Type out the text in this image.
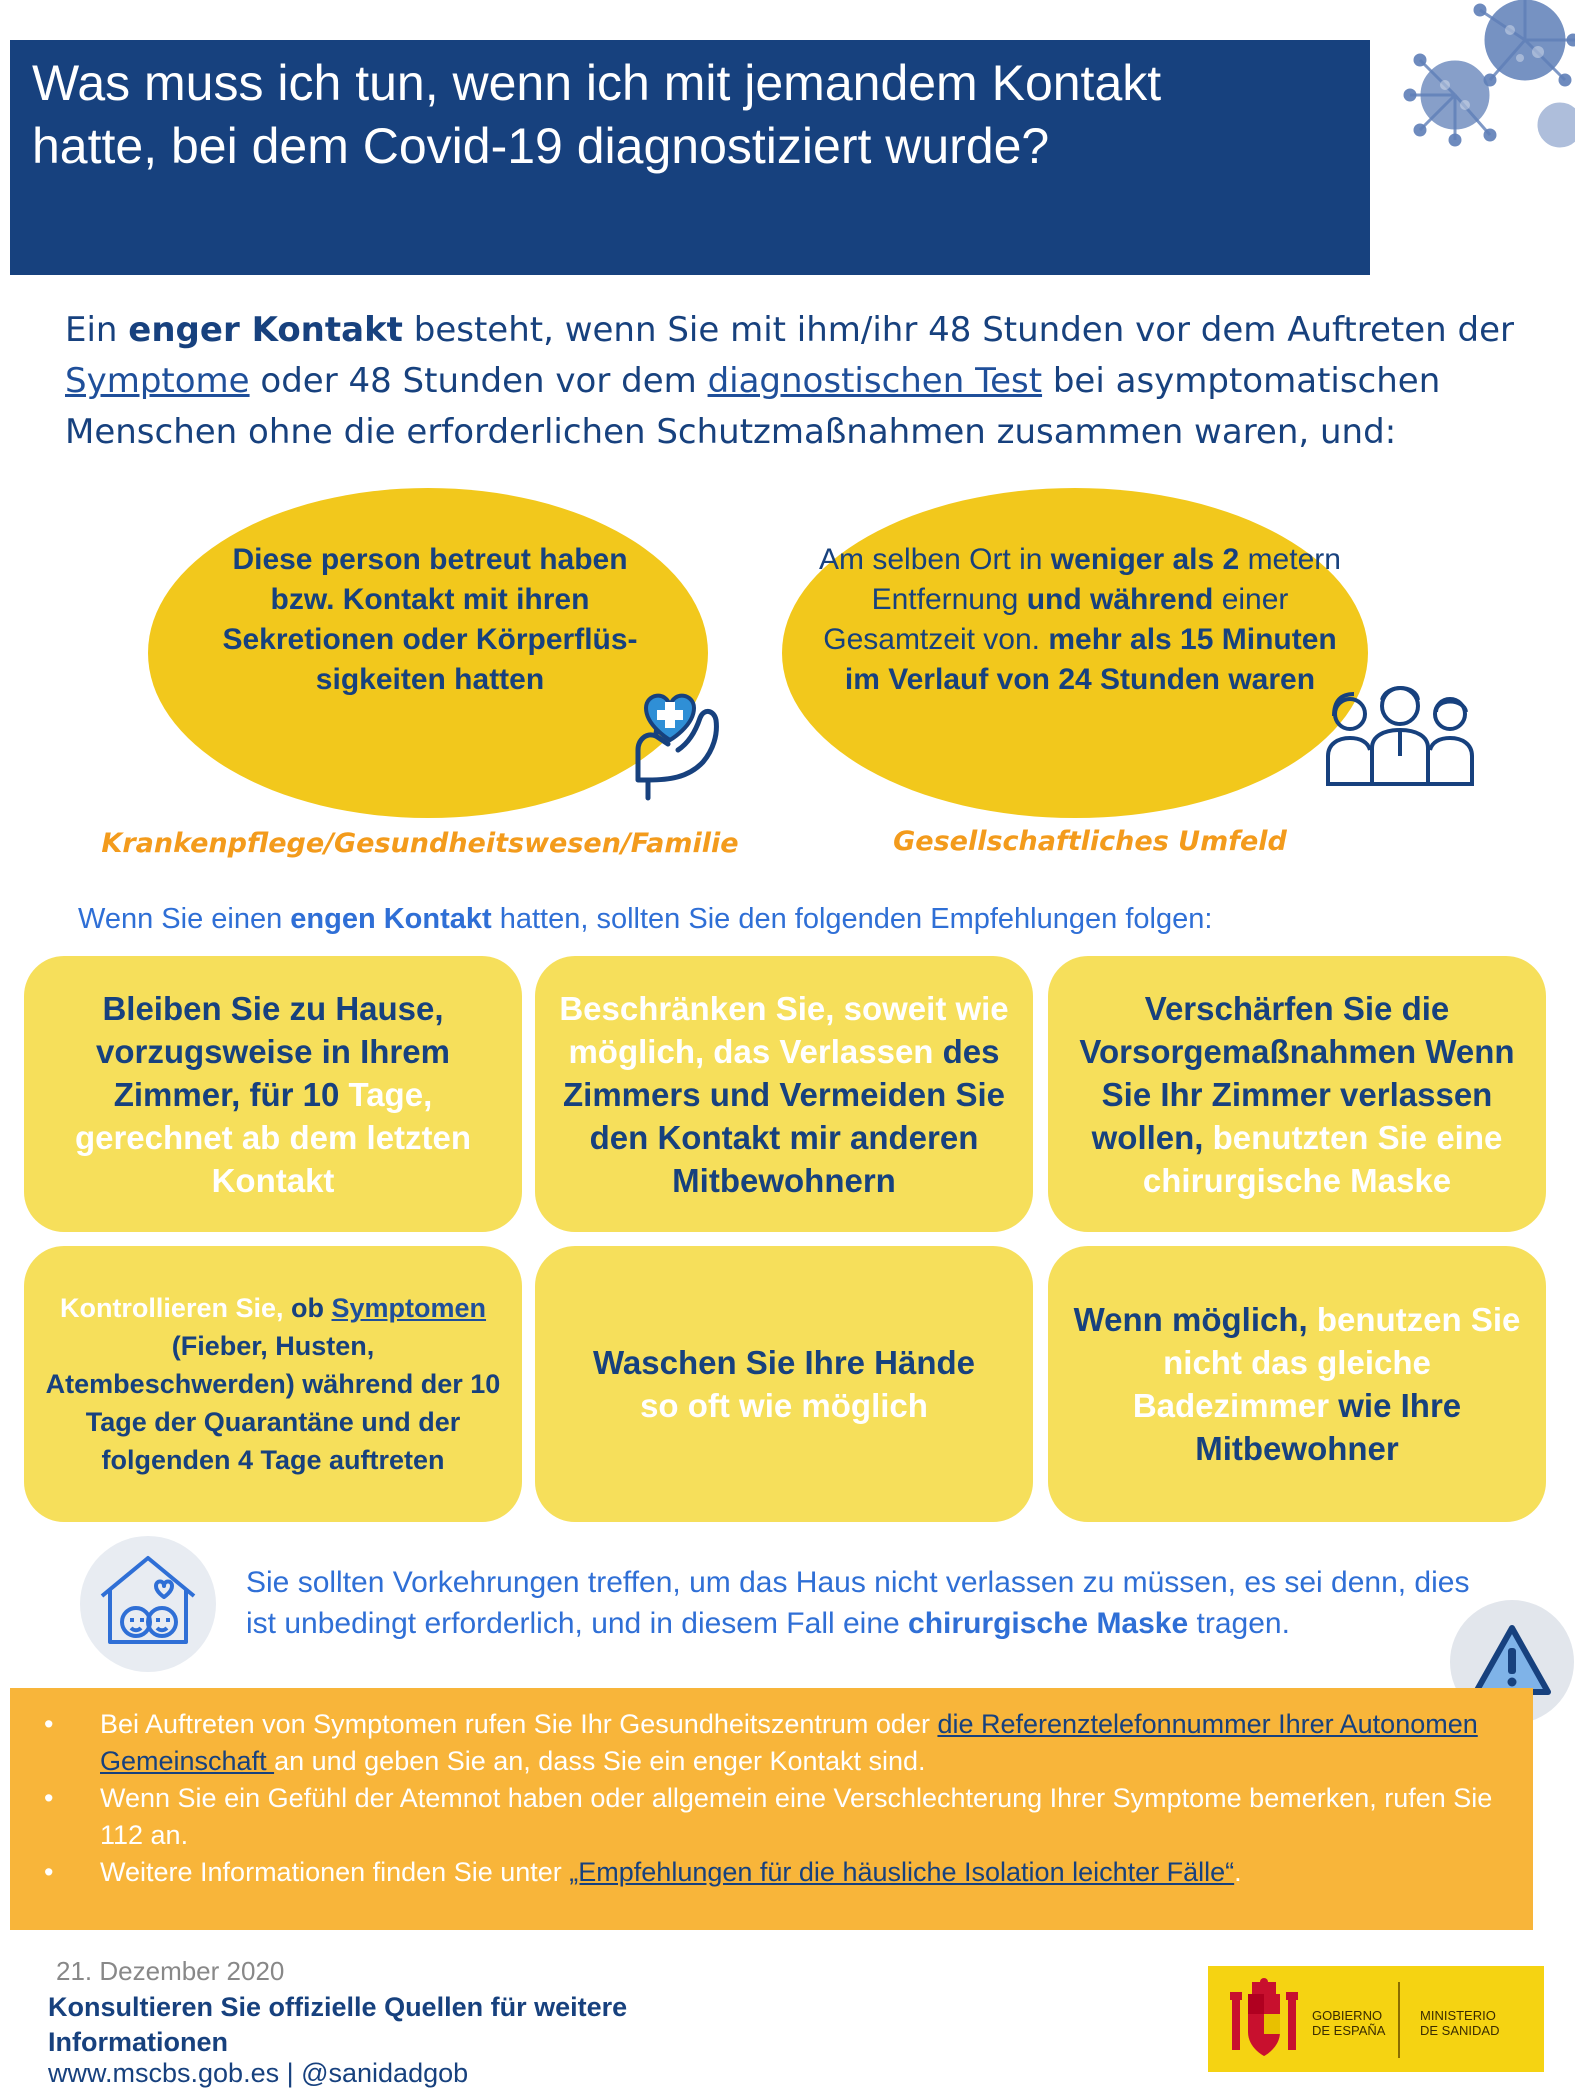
Was muss ich tun, wenn ich mit jemandem Kontakt
hatte, bei dem Covid-19 diagnostiziert wurde?
Ein enger Kontakt besteht, wenn Sie mit ihm/ihr 48 Stunden vor dem Auftreten der Symptome oder 48 Stunden vor dem diagnostischen Test bei asymptomatischen Menschen ohne die erforderlichen Schutzmaßnahmen zusammen waren, und:
Diese person betreut haben bzw. Kontakt mit ihren Sekretionen oder Körperflüs-sigkeiten hatten
Am selben Ort in weniger als 2 metern Entfernung und während einer Gesamtzeit von. mehr als 15 Minuten im Verlauf von 24 Stunden waren
Krankenpflege/Gesundheitswesen/Familie	Gesellschaftliches Umfeld
Wenn Sie einen engen Kontakt hatten, sollten Sie den folgenden Empfehlungen folgen:
Bleiben Sie zu Hause, vorzugsweise in Ihrem Zimmer, für 10 Tage, gerechnet ab dem letzten Kontakt
Beschränken Sie, soweit wie möglich, das Verlassen des Zimmers und Vermeiden Sie den Kontakt mir anderen Mitbewohnern
Verschärfen Sie die Vorsorgemaßnahmen Wenn Sie Ihr Zimmer verlassen wollen, benutzten Sie eine chirurgische Maske
Kontrollieren Sie, ob Symptomen (Fieber, Husten, Atembeschwerden) während der 10 Tage der Quarantäne und der folgenden 4 Tage auftreten
Waschen Sie Ihre Hände
so oft wie möglich
Wenn möglich, benutzen Sie nicht das gleiche Badezimmer wie Ihre Mitbewohner
Sie sollten Vorkehrungen treffen, um das Haus nicht verlassen zu müssen, es sei denn, dies ist unbedingt erforderlich, und in diesem Fall eine chirurgische Maske tragen.
• Bei Auftreten von Symptomen rufen Sie Ihr Gesundheitszentrum oder die Referenztelefonnummer Ihrer Autonomen Gemeinschaft an und geben Sie an, dass Sie ein enger Kontakt sind.
• Wenn Sie ein Gefühl der Atemnot haben oder allgemein eine Verschlechterung Ihrer Symptome bemerken, rufen Sie 112 an.
• Weitere Informationen finden Sie unter „Empfehlungen für die häusliche Isolation leichter Fälle“.
21. Dezember 2020
Konsultieren Sie offizielle Quellen für weitere Informationen
www.mscbs.gob.es | @sanidadgob
GOBIERNO
DE ESPAÑA
MINISTERIO
DE SANIDAD
